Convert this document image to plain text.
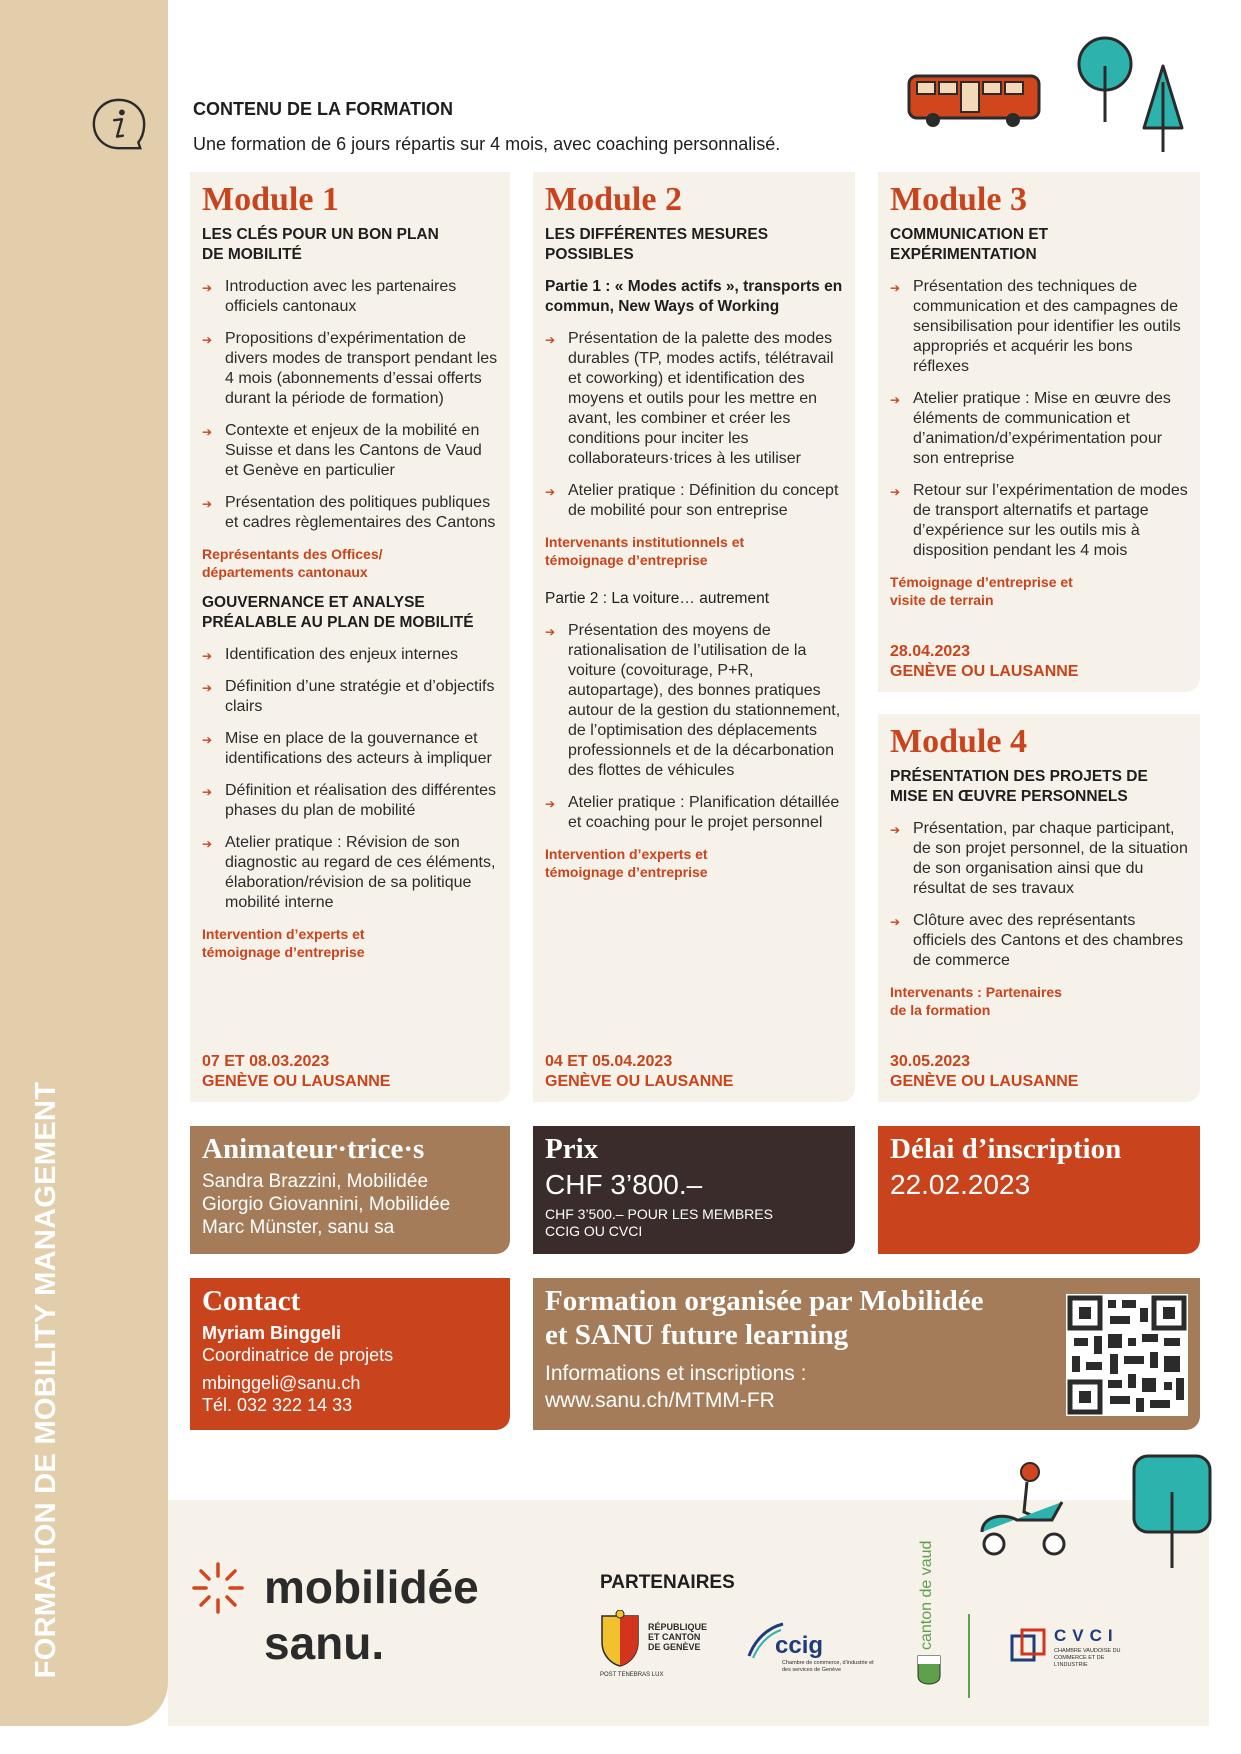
FORMATION DE MOBILITY MANAGEMENT
CONTENU DE LA FORMATION
Une formation de 6 jours répartis sur 4 mois, avec coaching personnalisé.
Module 1
LES CLÉS POUR UN BON PLAN DE MOBILITÉ
➔ Introduction avec les partenaires officiels cantonaux
➔ Propositions d’expérimentation de divers modes de transport pendant les 4 mois (abonnements d’essai offerts durant la période de formation)
➔ Contexte et enjeux de la mobilité en Suisse et dans les Cantons de Vaud et Genève en particulier
➔ Présentation des politiques publiques et cadres règlementaires des Cantons
Représentants des Offices/ départements cantonaux
GOUVERNANCE ET ANALYSE PRÉALABLE AU PLAN DE MOBILITÉ
➔ Identification des enjeux internes
➔ Définition d’une stratégie et d’objectifs clairs
➔ Mise en place de la gouvernance et identifications des acteurs à impliquer
➔ Définition et réalisation des différentes phases du plan de mobilité
➔ Atelier pratique : Révision de son diagnostic au regard de ces éléments, élaboration/révision de sa politique mobilité interne
Intervention d’experts et témoignage d’entreprise
07 ET 08.03.2023
GENÈVE OU LAUSANNE
Module 2
LES DIFFÉRENTES MESURES POSSIBLES
Partie 1 : « Modes actifs », transports en commun, New Ways of Working
➔ Présentation de la palette des modes durables (TP, modes actifs, télétravail et coworking) et identification des moyens et outils pour les mettre en avant, les combiner et créer les conditions pour inciter les collaborateurs·trices à les utiliser
➔ Atelier pratique : Définition du concept de mobilité pour son entreprise
Intervenants institutionnels et témoignage d’entreprise
Partie 2 : La voiture… autrement
➔ Présentation des moyens de rationalisation de l’utilisation de la voiture (covoiturage, P+R, autopartage), des bonnes pratiques autour de la gestion du stationnement, de l’optimisation des déplacements professionnels et de la décarbonation des flottes de véhicules
➔ Atelier pratique : Planification détaillée et coaching pour le projet personnel
Intervention d’experts et témoignage d’entreprise
04 ET 05.04.2023
GENÈVE OU LAUSANNE
Module 3
COMMUNICATION ET EXPÉRIMENTATION
➔ Présentation des techniques de communication et des campagnes de sensibilisation pour identifier les outils appropriés et acquérir les bons réflexes
➔ Atelier pratique : Mise en œuvre des éléments de communication et d’animation/d’expérimentation pour son entreprise
➔ Retour sur l’expérimentation de modes de transport alternatifs et partage d’expérience sur les outils mis à disposition pendant les 4 mois
Témoignage d’entreprise et visite de terrain
28.04.2023
GENÈVE OU LAUSANNE
Module 4
PRÉSENTATION DES PROJETS DE MISE EN ŒUVRE PERSONNELS
➔ Présentation, par chaque participant, de son projet personnel, de la situation de son organisation ainsi que du résultat de ses travaux
➔ Clôture avec des représentants officiels des Cantons et des chambres de commerce
Intervenants : Partenaires de la formation
30.05.2023
GENÈVE OU LAUSANNE
Animateur·trice·s
Sandra Brazzini, Mobilidée
Giorgio Giovannini, Mobilidée
Marc Münster, sanu sa
Prix
CHF 3’800.–
CHF 3’500.– POUR LES MEMBRES CCIG OU CVCI
Délai d’inscription
22.02.2023
Contact
Myriam Binggeli
Coordinatrice de projets
mbinggeli@sanu.ch
Tél. 032 322 14 33
Formation organisée par Mobilidée et SANU future learning
Informations et inscriptions :
www.sanu.ch/MTMM-FR
mobilidée
sanu.
PARTENAIRES
RÉPUBLIQUE ET CANTON DE GENÈVE
POST TENEBRAS LUX
ccig
Chambre de commerce, d’industrie et des services de Genève
canton de vaud	CVCI
CHAMBRE VAUDOISE DU COMMERCE ET DE L’INDUSTRIE
